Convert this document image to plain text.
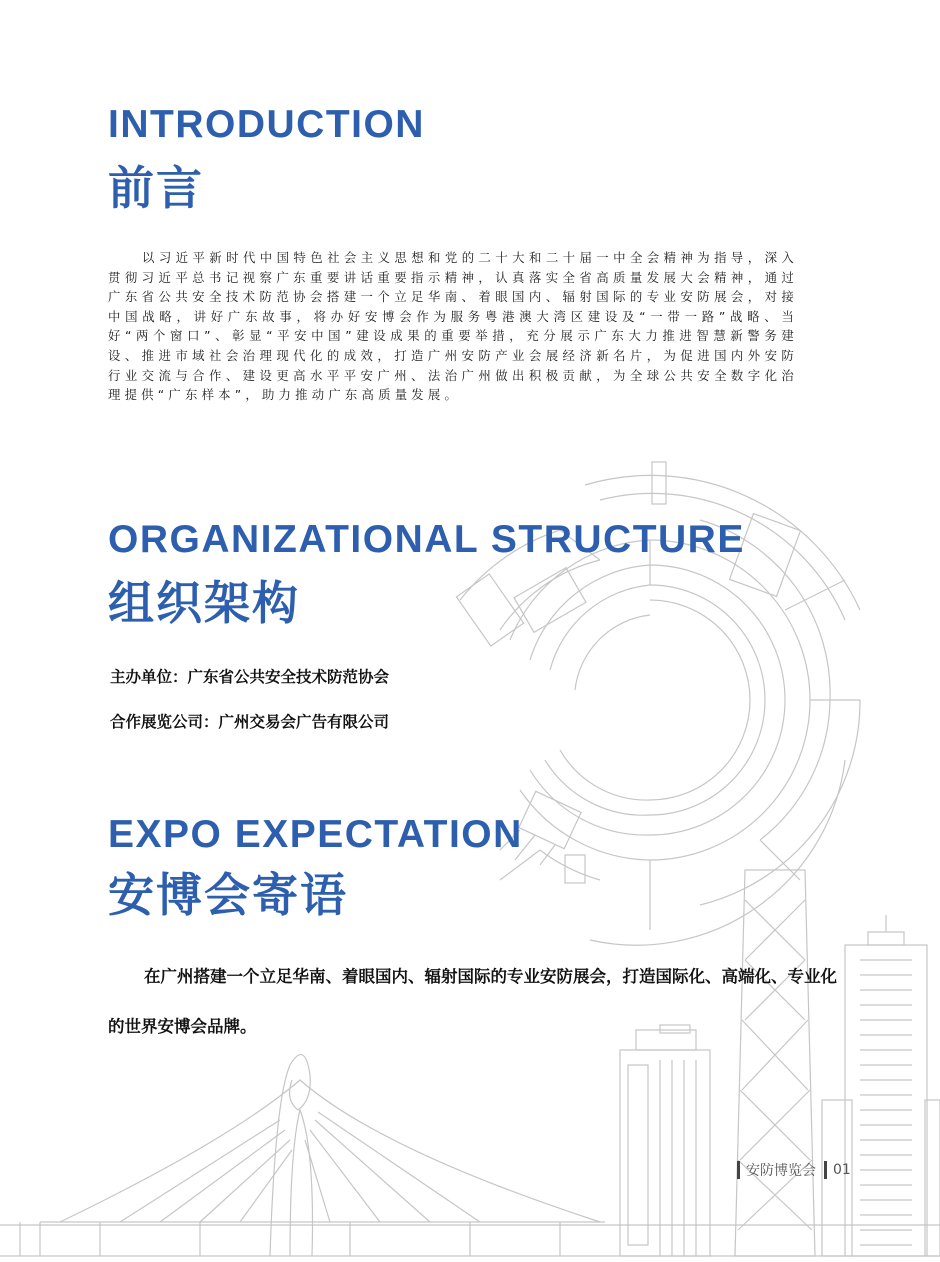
INTRODUCTION
前言
以习近平新时代中国特色社会主义思想和党的二十大和二十届一中全会精神为指导，深入贯彻习近平总书记视察广东重要讲话重要指示精神，认真落实全省高质量发展大会精神，通过广东省公共安全技术防范协会搭建一个立足华南、着眼国内、辐射国际的专业安防展会，对接中国战略，讲好广东故事，将办好安博会作为服务粤港澳大湾区建设及“一带一路”战略、当好“两个窗口”、彰显“平安中国”建设成果的重要举措，充分展示广东大力推进智慧新警务建设、推进市域社会治理现代化的成效，打造广州安防产业会展经济新名片，为促进国内外安防行业交流与合作、建设更高水平平安广州、法治广州做出积极贡献，为全球公共安全数字化治理提供“广东样本”，助力推动广东高质量发展。
ORGANIZATIONAL STRUCTURE
组织架构
主办单位：广东省公共安全技术防范协会
合作展览公司：广州交易会广告有限公司
EXPO EXPECTATION
安博会寄语
在广州搭建一个立足华南、着眼国内、辐射国际的专业安防展会，打造国际化、高端化、专业化的世界安博会品牌。
安防博览会 01
